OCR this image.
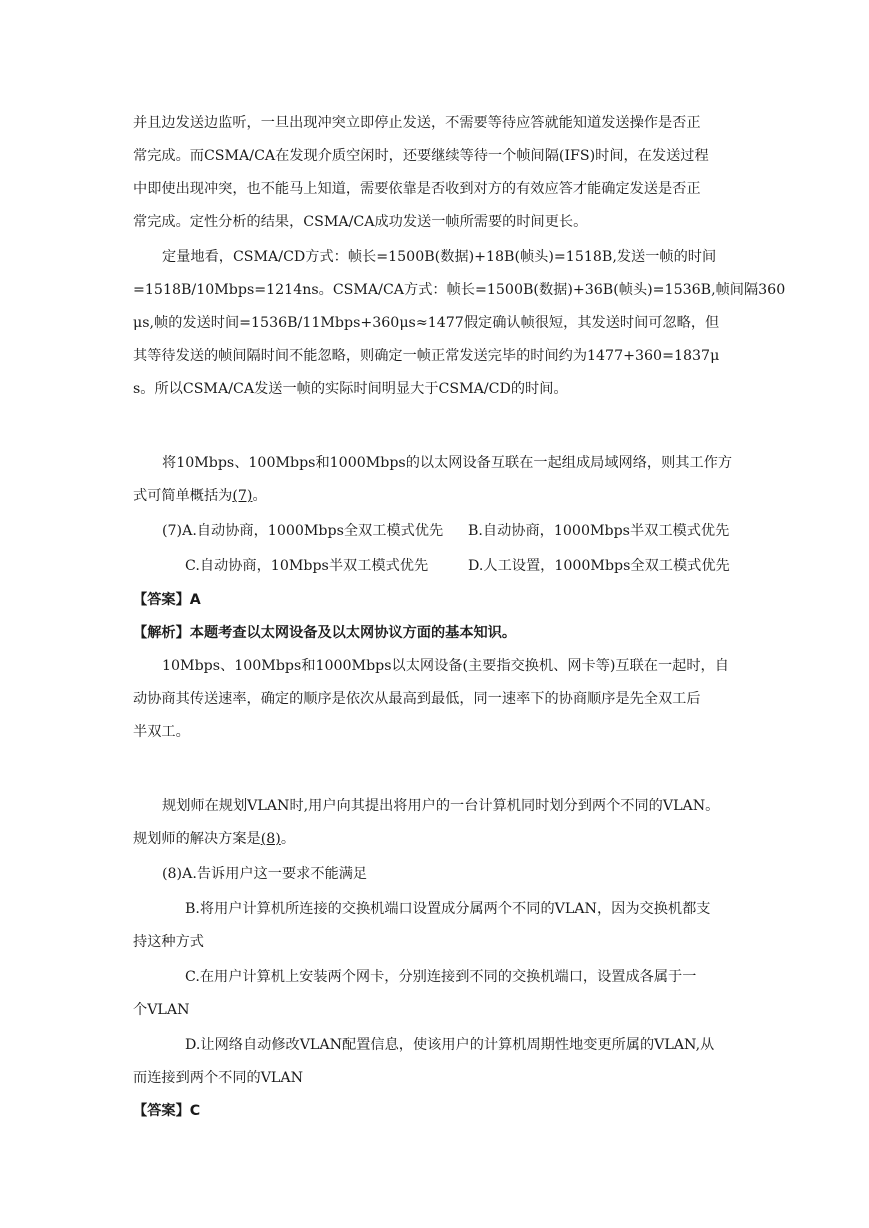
并且边发送边监听，一旦出现冲突立即停止发送，不需要等待应答就能知道发送操作是否正
常完成。而CSMA/CA在发现介质空闲时，还要继续等待一个帧间隔(IFS)时间，在发送过程
中即使出现冲突，也不能马上知道，需要依靠是否收到对方的有效应答才能确定发送是否正
常完成。定性分析的结果，CSMA/CA成功发送一帧所需要的时间更长。
定量地看，CSMA/CD方式：帧长=1500B(数据)+18B(帧头)=1518B,发送一帧的时间
=1518B/10Mbps=1214ns。CSMA/CA方式：帧长=1500B(数据)+36B(帧头)=1536B,帧间隔360
μs,帧的发送时间=1536B/11Mbps+360μs≈1477假定确认帧很短，其发送时间可忽略，但
其等待发送的帧间隔时间不能忽略，则确定一帧正常发送完毕的时间约为1477+360=1837μ
s。所以CSMA/CA发送一帧的实际时间明显大于CSMA/CD的时间。
将10Mbps、100Mbps和1000Mbps的以太网设备互联在一起组成局域网络，则其工作方
式可简单概括为(7)。
(7)A.自动协商，1000Mbps全双工模式优先 B.自动协商，1000Mbps半双工模式优先
C.自动协商，10Mbps半双工模式优先	D.人工设置，1000Mbps全双工模式优先
【答案】A
【解析】本题考查以太网设备及以太网协议方面的基本知识。
10Mbps、100Mbps和1000Mbps以太网设备(主要指交换机、网卡等)互联在一起时，自
动协商其传送速率，确定的顺序是依次从最高到最低，同一速率下的协商顺序是先全双工后
半双工。
规划师在规划VLAN时,用户向其提出将用户的一台计算机同时划分到两个不同的VLAN。
规划师的解决方案是(8)。
(8)A.告诉用户这一要求不能满足
B.将用户计算机所连接的交换机端口设置成分属两个不同的VLAN，因为交换机都支
持这种方式
C.在用户计算机上安装两个网卡，分别连接到不同的交换机端口，设置成各属于一
个VLAN
D.让网络自动修改VLAN配置信息，使该用户的计算机周期性地变更所属的VLAN,从
而连接到两个不同的VLAN
【答案】C
